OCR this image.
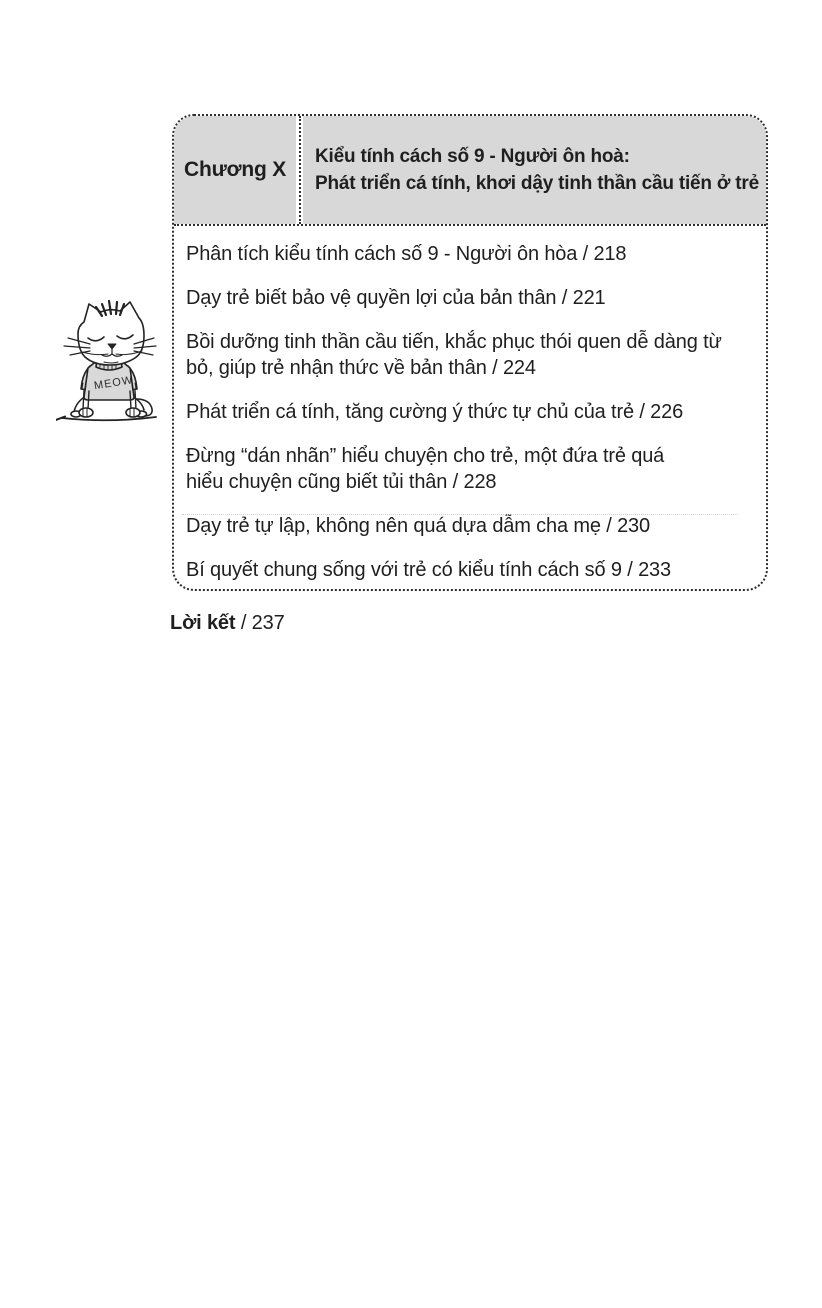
MEOW
Chương X
Kiểu tính cách số 9 - Người ôn hoà:
Phát triển cá tính, khơi dậy tinh thần cầu tiến ở trẻ

Phân tích kiểu tính cách số 9 - Người ôn hòa / 218

Dạy trẻ biết bảo vệ quyền lợi của bản thân / 221

Bồi dưỡng tinh thần cầu tiến, khắc phục thói quen dễ dàng từ bỏ, giúp trẻ nhận thức về bản thân / 224

Phát triển cá tính, tăng cường ý thức tự chủ của trẻ / 226

Đừng “dán nhãn” hiểu chuyện cho trẻ, một đứa trẻ quá hiểu chuyện cũng biết tủi thân / 228

Dạy trẻ tự lập, không nên quá dựa dẫm cha mẹ / 230

Bí quyết chung sống với trẻ có kiểu tính cách số 9 / 233

Lời kết / 237
